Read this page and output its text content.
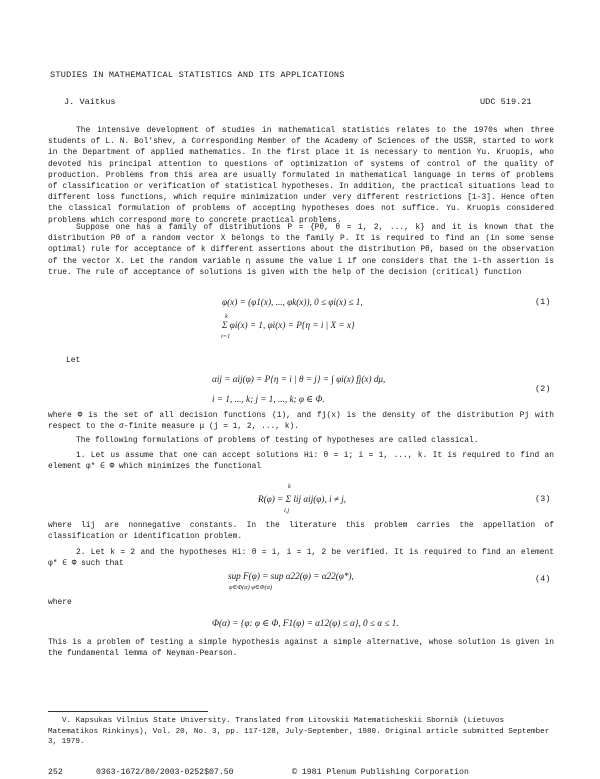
STUDIES IN MATHEMATICAL STATISTICS AND ITS APPLICATIONS
J. Vaitkus	UDC 519.21

The intensive development of studies in mathematical statistics relates to the 1970s when three students of L. N. Bol'shev, a Corresponding Member of the Academy of Sciences of the USSR, started to work in the Department of applied mathematics. In the first place it is necessary to mention Yu. Kruopis, who devoted his principal attention to questions of optimization of systems of control of the quality of production. Problems from this area are usually formulated in mathematical language in terms of problems of classification or verification of statistical hypotheses. In addition, the practical situations lead to different loss functions, which require minimization under very different restrictions [1-3]. Hence often the classical formulation of problems of accepting hypotheses does not suffice. Yu. Kruopis considered problems which correspond more to concrete practical problems.

Suppose one has a family of distributions P = {Pθ, θ = 1, 2, ..., k} and it is known that the distribution Pθ of a random vector X belongs to the family P. It is required to find an (in some sense optimal) rule for acceptance of k different assertions about the distribution Pθ, based on the observation of the vector X. Let the random variable η assume the value i if one considers that the i-th assertion is true. The rule of acceptance of solutions is given with the help of the decision (critical) function

φ(x) = (φ1(x), ..., φk(x)), 0 ≤ φi(x) ≤ 1,
Σ φi(x) = 1, φi(x) = P{η = i | X = x}
k
i=1
(1)
Let
αij = αij(φ) = P{η = i | θ = j} = ∫ φi(x) fj(x) dμ,
i = 1, ..., k; j = 1, ..., k; φ ∈ Φ.
(2)

where Φ is the set of all decision functions (1), and fj(x) is the density of the distribution Pj with respect to the σ-finite measure μ (j = 1, 2, ..., k).

The following formulations of problems of testing of hypotheses are called classical.

1. Let us assume that one can accept solutions Hi: θ = i; i = 1, ..., k. It is required to find an element φ* ∈ Φ which minimizes the functional

k
R(φ) = Σ lij αij(φ), i ≠ j,
i,j
(3)

where lij are nonnegative constants. In the literature this problem carries the appellation of classification or identification problem.

2. Let k = 2 and the hypotheses Hi: θ = i, i = 1, 2 be verified. It is required to find an element φ* ∈ Φ such that

sup F(φ) = sup α22(φ) = α22(φ*),
φ∈Φ(α) φ∈Φ(α)
(4)
where
Φ(α) = {φ: φ ∈ Φ, F1(φ) = α12(φ) ≤ α}, 0 ≤ α ≤ 1.

This is a problem of testing a simple hypothesis against a simple alternative, whose solution is given in the fundamental lemma of Neyman-Pearson.

V. Kapsukas Vilnius State University. Translated from Litovskii Matematicheskii Sbornik (Lietuvos Matematikos Rinkinys), Vol. 20, No. 3, pp. 117-128, July-September, 1980. Original article submitted September 3, 1979.

252	0363-1672/80/2003-0252$07.50	© 1981 Plenum Publishing Corporation
